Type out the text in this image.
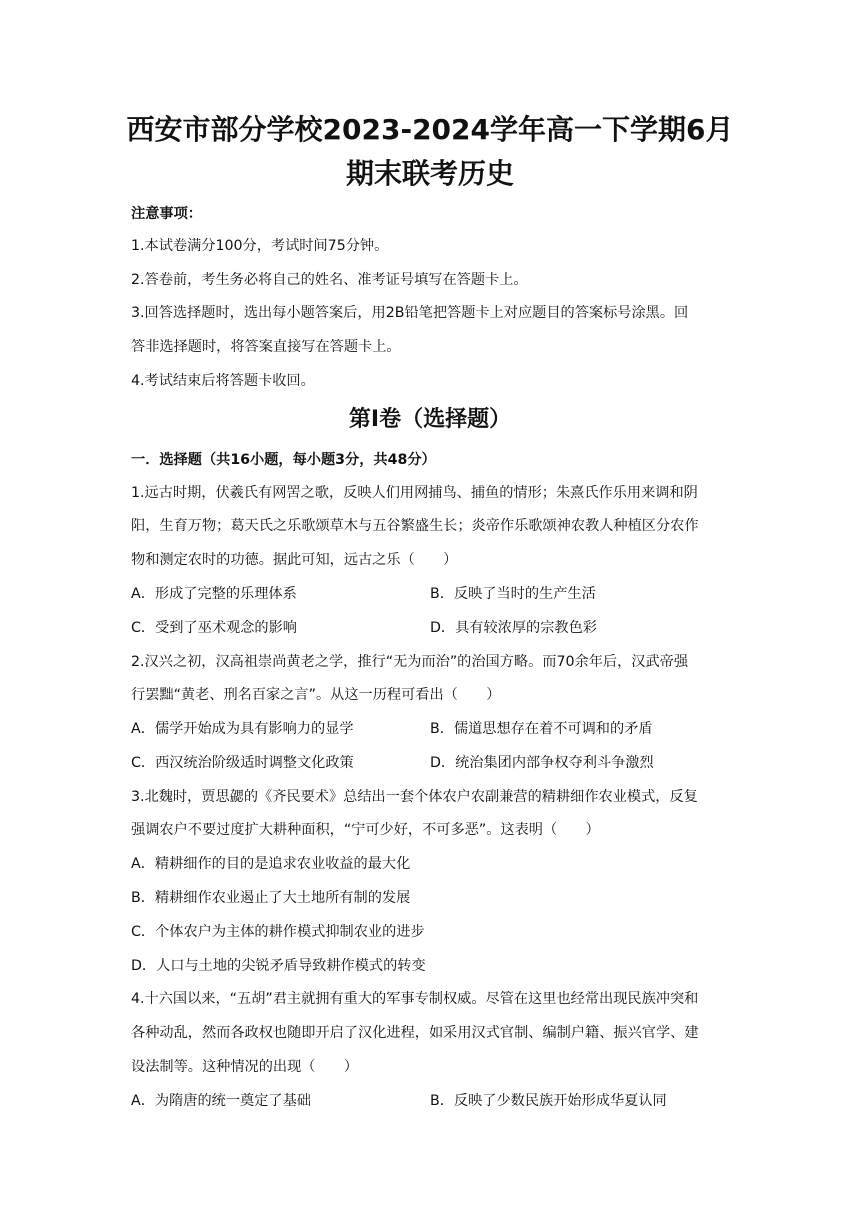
西安市部分学校2023-2024学年高一下学期6月
期末联考历史
注意事项：
1.本试卷满分100分，考试时间75分钟。
2.答卷前，考生务必将自己的姓名、准考证号填写在答题卡上。
3.回答选择题时，选出每小题答案后，用2B铅笔把答题卡上对应题目的答案标号涂黑。回
答非选择题时，将答案直接写在答题卡上。
4.考试结束后将答题卡收回。
第I卷（选择题）
一．选择题（共16小题，每小题3分，共48分）
1.远古时期，伏羲氏有网罟之歌，反映人们用网捕鸟、捕鱼的情形；朱熹氏作乐用来调和阴
阳，生育万物；葛天氏之乐歌颂草木与五谷繁盛生长；炎帝作乐歌颂神农教人种植区分农作
物和测定农时的功德。据此可知，远古之乐（　　）
A．形成了完整的乐理体系	B．反映了当时的生产生活
C．受到了巫术观念的影响	D．具有较浓厚的宗教色彩
2.汉兴之初，汉高祖崇尚黄老之学，推行“无为而治”的治国方略。而70余年后，汉武帝强
行罢黜“黄老、刑名百家之言”。从这一历程可看出（　　）
A．儒学开始成为具有影响力的显学	B．儒道思想存在着不可调和的矛盾
C．西汉统治阶级适时调整文化政策	D．统治集团内部争权夺利斗争激烈
3.北魏时，贾思勰的《齐民要术》总结出一套个体农户农副兼营的精耕细作农业模式，反复
强调农户不要过度扩大耕种面积，“宁可少好，不可多恶”。这表明（　　）
A．精耕细作的目的是追求农业收益的最大化
B．精耕细作农业遏止了大土地所有制的发展
C．个体农户为主体的耕作模式抑制农业的进步
D．人口与土地的尖锐矛盾导致耕作模式的转变
4.十六国以来，“五胡”君主就拥有重大的军事专制权威。尽管在这里也经常出现民族冲突和
各种动乱，然而各政权也随即开启了汉化进程，如采用汉式官制、编制户籍、振兴官学、建
设法制等。这种情况的出现（　　）
A．为隋唐的统一奠定了基础	B．反映了少数民族开始形成华夏认同
